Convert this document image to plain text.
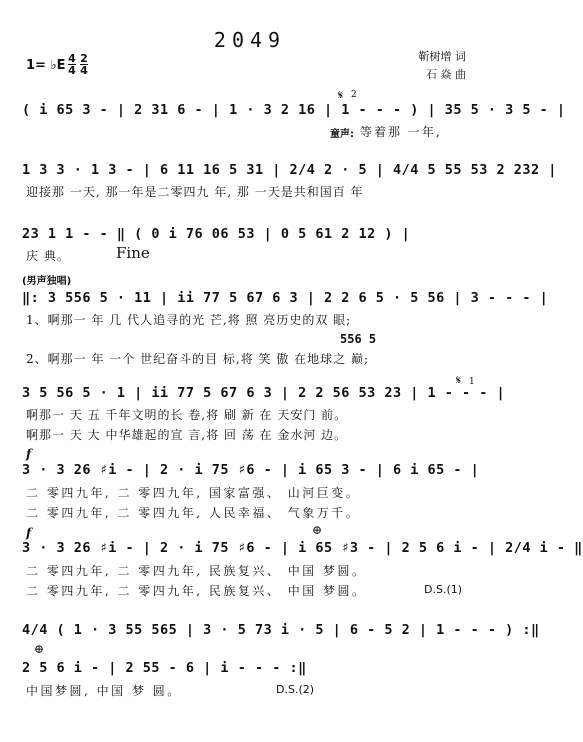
2049
靳树增 词
石 焱 曲
1= ♭E 4
4
2
4
𝄋 2
( i 65 3 - | 2 31 6 - | 1 · 3 2 16 | 1 - - - ) | 35 5 · 3 5 - |
童声: 等着那 一年,
1 3 3 · 1 3 - | 6 11 16 5 31 | 2/4 2 · 5 | 4/4 5 55 53 2 232 |
迎接那 一天, 那一年是二零四九 年, 那 一天是共和国百 年
23 1 1 - - ‖ ( 0 i 76 06 53 | 0 5 61 2 12 ) |
庆 典。	Fine
(男声独唱)
‖: 3 556 5 · 11 | ii 77 5 67 6 3 | 2 2 6 5 · 5 56 | 3 - - - |
1、啊那一 年 几 代人追寻的光 芒,将 照 亮历史的双 眼;
556 5
2、啊那一 年 一个 世纪奋斗的目 标,将 笑 傲 在地球之 巅;
𝄋 1
3 5 56 5 · 1 | ii 77 5 67 6 3 | 2 2 56 53 23 | 1 - - - |
啊那一 天 五 千年文明的长 卷,将 刷 新 在 天安门 前。
啊那一 天 大 中华雄起的宣 言,将 回 荡 在 金水河 边。
f
3 · 3 26 ♯i - | 2 · i 75 ♯6 - | i 65 3 - | 6 i 65 - |
二 零四九年, 二 零四九年, 国家富强、 山河巨变。
二 零四九年, 二 零四九年, 人民幸福、 气象万千。
f	⊕
3 · 3 26 ♯i - | 2 · i 75 ♯6 - | i 65 ♯3 - | 2 5 6 i - | 2/4 i - ‖
二 零四九年, 二 零四九年, 民族复兴、 中国 梦圆。
二 零四九年, 二 零四九年, 民族复兴、 中国 梦圆。	D.S.(1)
4/4 ( 1 · 3 55 565 | 3 · 5 73 i · 5 | 6 - 5 2 | 1 - - - ) :‖
⊕
2 5 6 i - | 2 55 - 6 | i - - - :‖
中国梦圆, 中国 梦 圆。	D.S.(2)
